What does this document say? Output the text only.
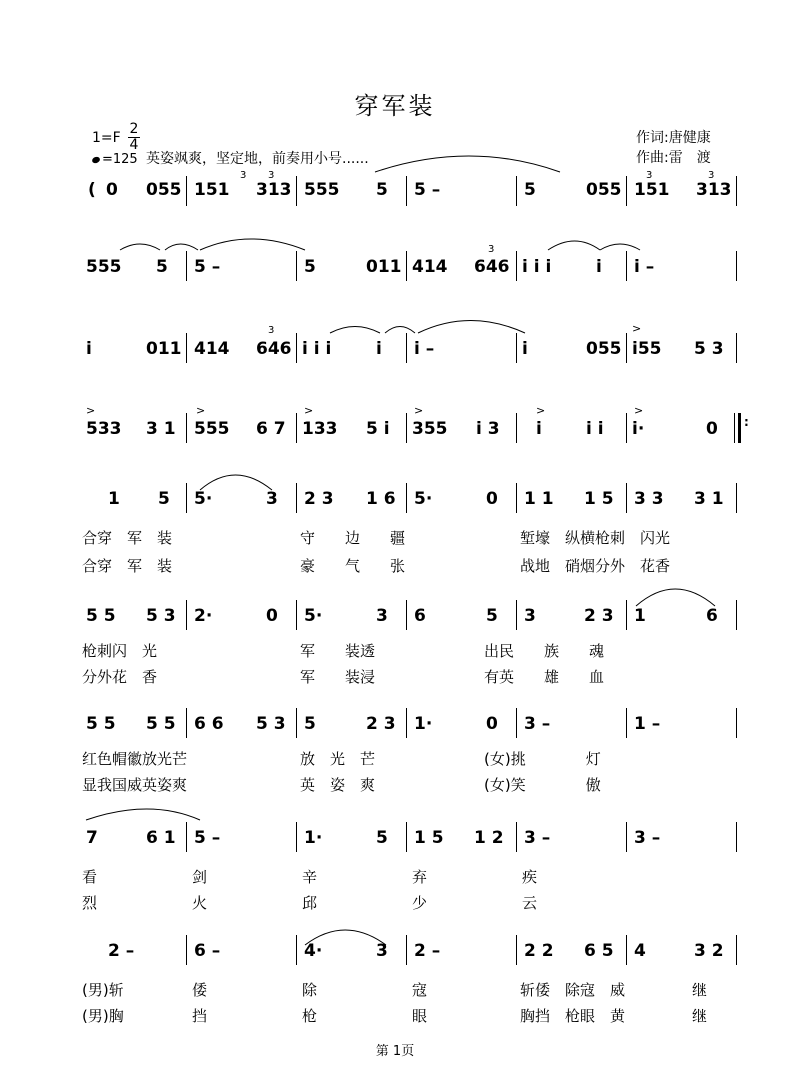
穿军装
1=F
2
4
=125 英姿飒爽，坚定地，前奏用小号......
作词:唐健康
作曲:雷　渡
( 0 055 151 313 555 5 5 –	5	055 151 313
555 5 5 –	5	011 414 646 i i i	i i –
i	011 414 646 i i i	i i –	i	055 i55 5 3
533 3 1 555 6 7 133 5 i 355 i 3 i	i i i·	0 :
1 5 5·	3 2 3 1 6 5·	0 1 1 1 5 3 3 3 1
合穿　军　装	守　　边　　疆	堑壕　纵横枪刺　闪光
合穿　军　装	豪　　气　　张	战地　硝烟分外　花香
5 5 5 3 2·	0 5·	3 6	5 3	2 3 1	6
枪刺闪　光	军　　装透	出民　　族　　魂
分外花　香	军　　装浸	有英　　雄　　血
5 5 5 5 6 6 5 3 5	2 3 1·	0 3 –	1 –
红色帽徽放光芒	放　光　芒	(女)挑　　　　灯
显我国威英姿爽	英　姿　爽	(女)笑　　　　傲
7	6 1 5 –	1·	5 1 5 1 2 3 –	3 –
看	剑	辛	弃	疾
烈	火	邱	少	云
2 –	6 –	4·	3 2 –	2 2 6 5 4	3 2
(男)斩	倭	除	寇	斩倭　除寇　威	继
(男)胸	挡	枪	眼	胸挡　枪眼　黄	继
3	3	3
3
3
3	>
>	>	>	>	>	>
第 1页
